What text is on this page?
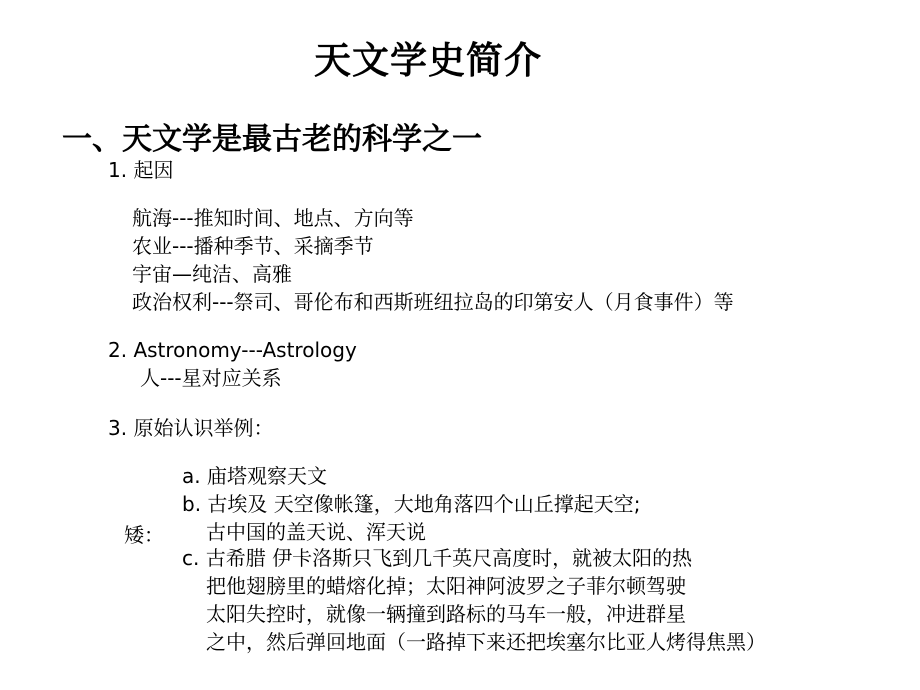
天文学史简介
一、天文学是最古老的科学之一
1. 起因
航海---推知时间、地点、方向等
农业---播种季节、采摘季节
宇宙—纯洁、高雅
政治权利---祭司、哥伦布和西斯班纽拉岛的印第安人（月食事件）等
2. Astronomy---Astrology
人---星对应关系
3. 原始认识举例：
a. 庙塔观察天文
b. 古埃及 天空像帐篷，大地角落四个山丘撑起天空;
古中国的盖天说、浑天说
矮：
c. 古希腊 伊卡洛斯只飞到几千英尺高度时，就被太阳的热
把他翅膀里的蜡熔化掉；太阳神阿波罗之子菲尔顿驾驶
太阳失控时，就像一辆撞到路标的马车一般，冲进群星
之中，然后弹回地面（一路掉下来还把埃塞尔比亚人烤得焦黑）
